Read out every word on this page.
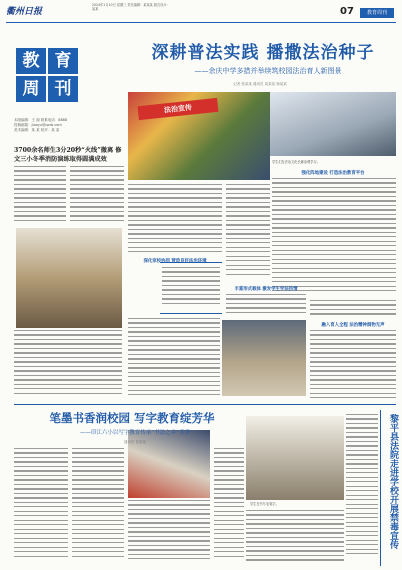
衢州日报
2024年1月10日 星期三 责任编辑：某某某 版式设计：某某	07	教育周刊
教 育
周 刊
本版编辑：王 丽 联系电话：8888
投稿邮箱：jiaoyu@qzrb.com
美术编辑：某 某 校对：某 某
深耕普法实践 播撒法治种子
——余庆中学多措并举续筑校园法治育人新图景
记者 张某某 通讯员 周某某 杨某某
法治宣传
学生们在法治文化长廊参观学习。
学生在书写毛笔字。
3700余名师生3分20秒“火线”撤离 修文三小冬季消防演练取得圆满成效
强化阵地建设 打造法治教育平台
丰富形式载体 激发学生学法热情
深化家校协同 营造良好法治环境
融入育人全程 法治精神润物无声
笔墨书香润校园 写字教育绽芳华
——印江六小以写字教育传承“书法之乡”美誉
通讯员 何某某	黎平县法院走进学校开展禁毒宣传
